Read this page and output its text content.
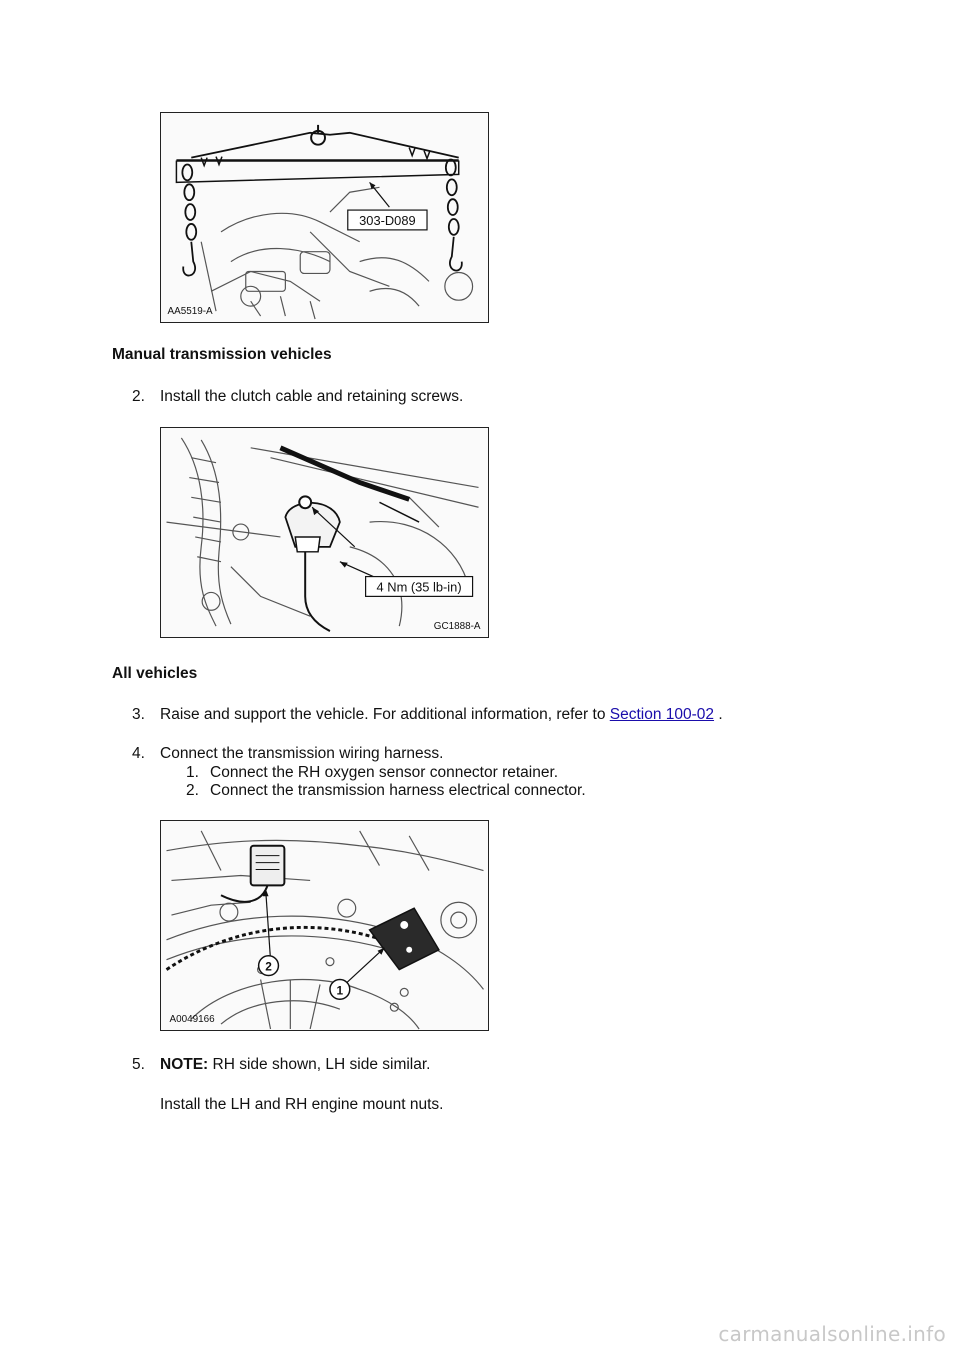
303-D089
AA5519-A
Manual transmission vehicles
2. Install the clutch cable and retaining screws.
4 Nm (35 lb-in)
GC1888-A
All vehicles
3. Raise and support the vehicle. For additional information, refer to Section 100-02 .
4. Connect the transmission wiring harness.
1. Connect the RH oxygen sensor connector retainer.
2. Connect the transmission harness electrical connector.
2
1
A0049166
5. NOTE: RH side shown, LH side similar.
Install the LH and RH engine mount nuts.
carmanualsonline.info
